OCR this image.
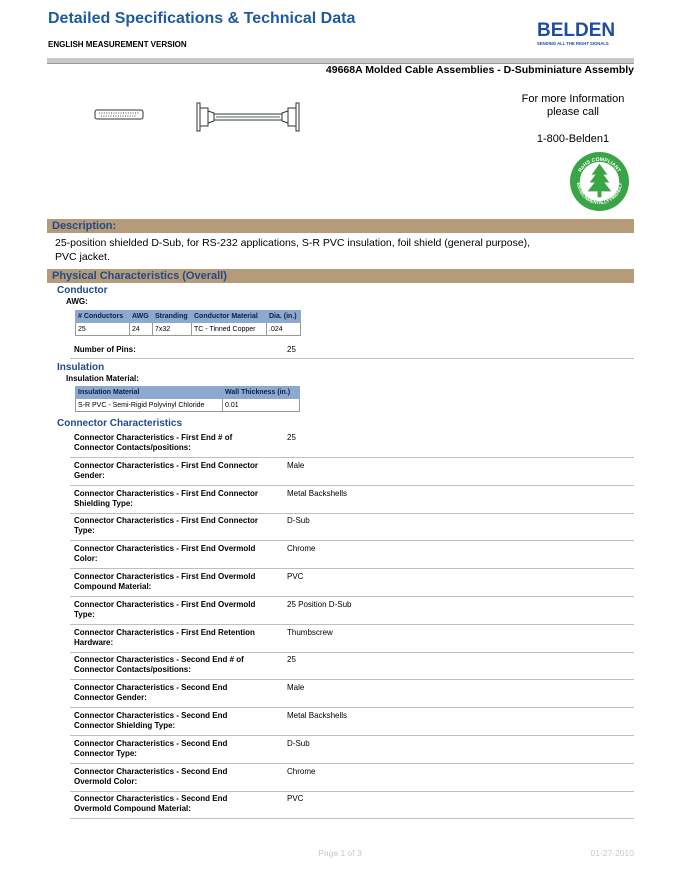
Detailed Specifications & Technical Data
ENGLISH MEASUREMENT VERSION
BELDEN
SENDING ALL THE RIGHT SIGNALS
49668A Molded Cable Assemblies - D-Subminiature Assembly
For more Information
please call
1-800-Belden1
RoHS COMPLIANT
ENVIRONMENTALLY FRIENDLY
Description:
25-position shielded D-Sub, for RS-232 applications, S-R PVC insulation, foil shield (general purpose),
PVC jacket.
Physical Characteristics (Overall)
Conductor
AWG:
# Conductors	AWG	Stranding	Conductor Material	Dia. (in.)
25	24	7x32	TC - Tinned Copper	.024
Number of Pins:	25
Insulation
Insulation Material:
Insulation Material	Wall Thickness (in.)
S-R PVC - Semi-Rigid Polyvinyl Chloride	0.01
Connector Characteristics
Connector Characteristics - First End # of
Connector Contacts/positions:
25
Connector Characteristics - First End Connector
Gender:
Male
Connector Characteristics - First End Connector
Shielding Type:
Metal Backshells
Connector Characteristics - First End Connector
Type:
D-Sub
Connector Characteristics - First End Overmold
Color:
Chrome
Connector Characteristics - First End Overmold
Compound Material:
PVC
Connector Characteristics - First End Overmold
Type:
25 Position D-Sub
Connector Characteristics - First End Retention
Hardware:
Thumbscrew
Connector Characteristics - Second End # of
Connector Contacts/positions:
25
Connector Characteristics - Second End
Connector Gender:
Male
Connector Characteristics - Second End
Connector Shielding Type:
Metal Backshells
Connector Characteristics - Second End
Connector Type:
D-Sub
Connector Characteristics - Second End
Overmold Color:
Chrome
Connector Characteristics - Second End
Overmold Compound Material:
PVC
Page 1 of 3	01-27-2010
